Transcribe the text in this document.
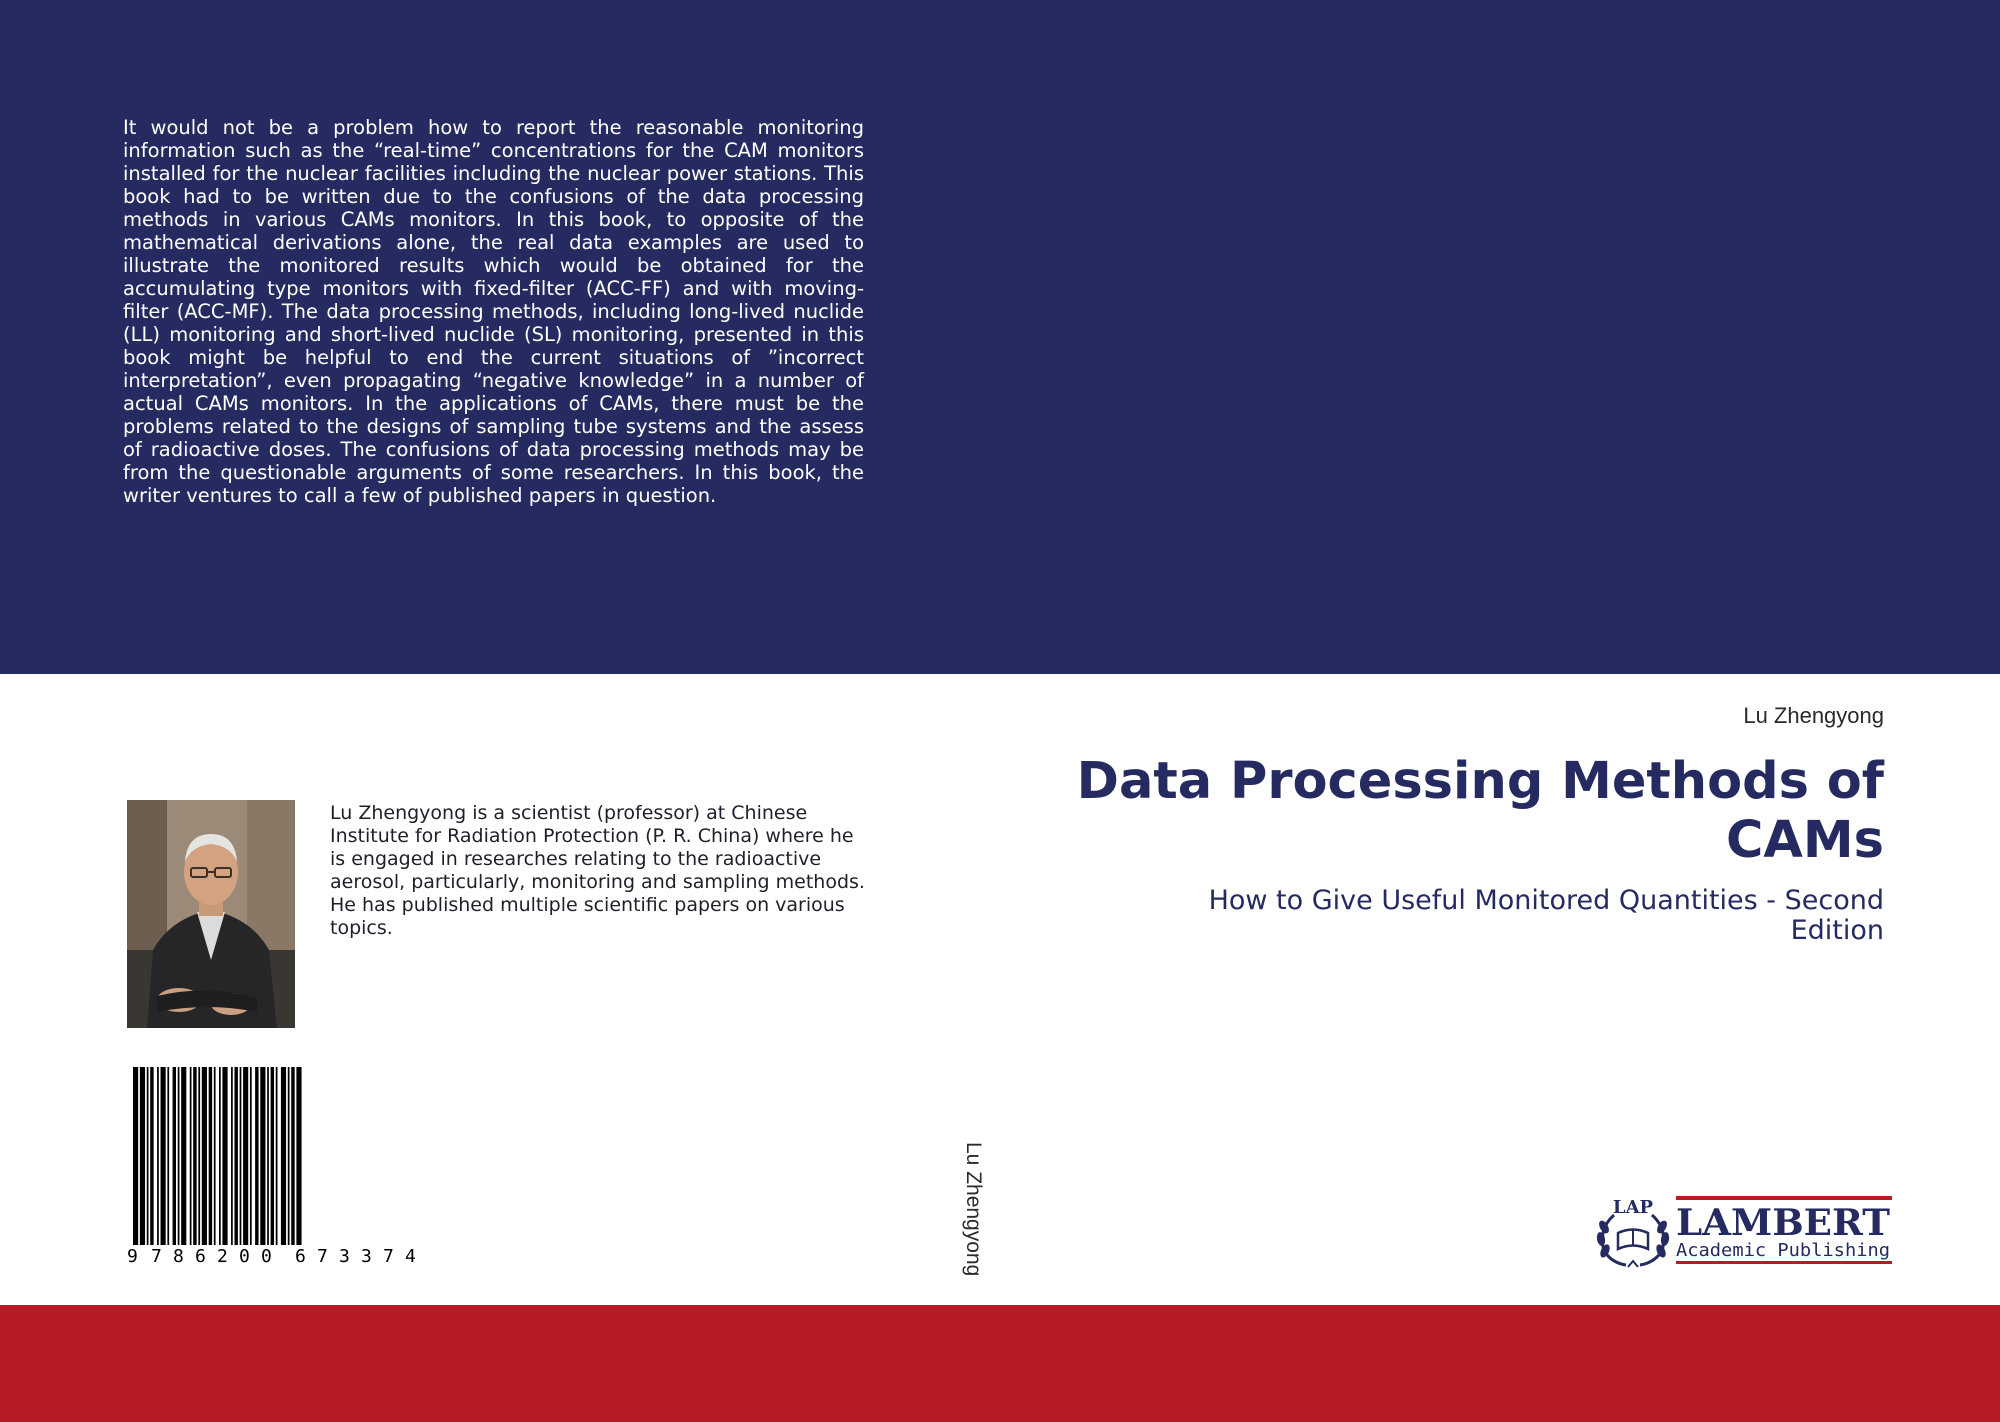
It would not be a problem how to report the reasonable monitoring information such as the “real-time” concentrations for the CAM monitors installed for the nuclear facilities including the nuclear power stations. This book had to be written due to the confusions of the data processing methods in various CAMs monitors. In this book, to opposite of the mathematical derivations alone, the real data examples are used to illustrate the monitored results which would be obtained for the accumulating type monitors with fixed-filter (ACC-FF) and with moving-filter (ACC-MF). The data processing methods, including long-lived nuclide (LL) monitoring and short-lived nuclide (SL) monitoring, presented in this book might be helpful to end the current situations of ”incorrect interpretation”, even propagating “negative knowledge” in a number of actual CAMs monitors. In the applications of CAMs, there must be the problems related to the designs of sampling tube systems and the assess of radioactive doses. The confusions of data processing methods may be from the questionable arguments of some researchers. In this book, the writer ventures to call a few of published papers in question.

Lu Zhengyong
Data Processing Methods of CAMs

How to Give Useful Monitored Quantities - Second Edition

Lu Zhengyong is a scientist (professor) at Chinese Institute for Radiation Protection (P. R. China) where he is engaged in researches relating to the radioactive aerosol, particularly, monitoring and sampling methods. He has published multiple scientific papers on various topics.

9 7 8 6 2 0 0 6 7 3 3 7 4	Lu Zhengyong	LAP LAMBERT
Academic Publishing
